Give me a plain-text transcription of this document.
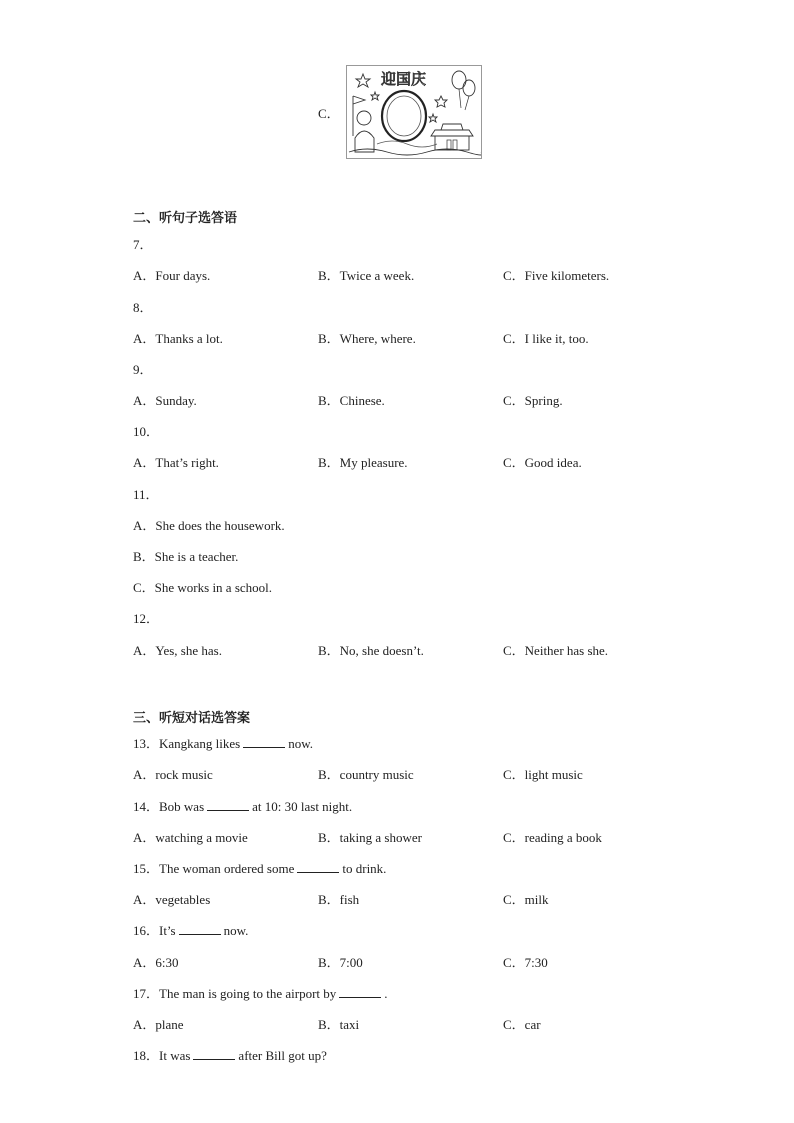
C．
迎国庆
二、听句子选答语
7．
A．Four days.	B．Twice a week.	C．Five kilometers.
8．
A．Thanks a lot.	B．Where, where.	C．I like it, too.
9．
A．Sunday.	B．Chinese.	C．Spring.
10．
A．That’s right.	B．My pleasure.	C．Good idea.
11．
A．She does the housework.
B．She is a teacher.
C．She works in a school.
12．
A．Yes, she has.	B．No, she doesn’t.	C．Neither has she.
三、听短对话选答案
13．Kangkang likes	now.
A．rock music	B．country music	C．light music
14．Bob was	at 10: 30 last night.
A．watching a movie	B．taking a shower	C．reading a book
15．The woman ordered some	to drink.
A．vegetables	B．fish	C．milk
16．It’s	now.
A．6:30	B．7:00	C．7:30
17．The man is going to the airport by	.
A．plane	B．taxi	C．car
18．It was	after Bill got up?
